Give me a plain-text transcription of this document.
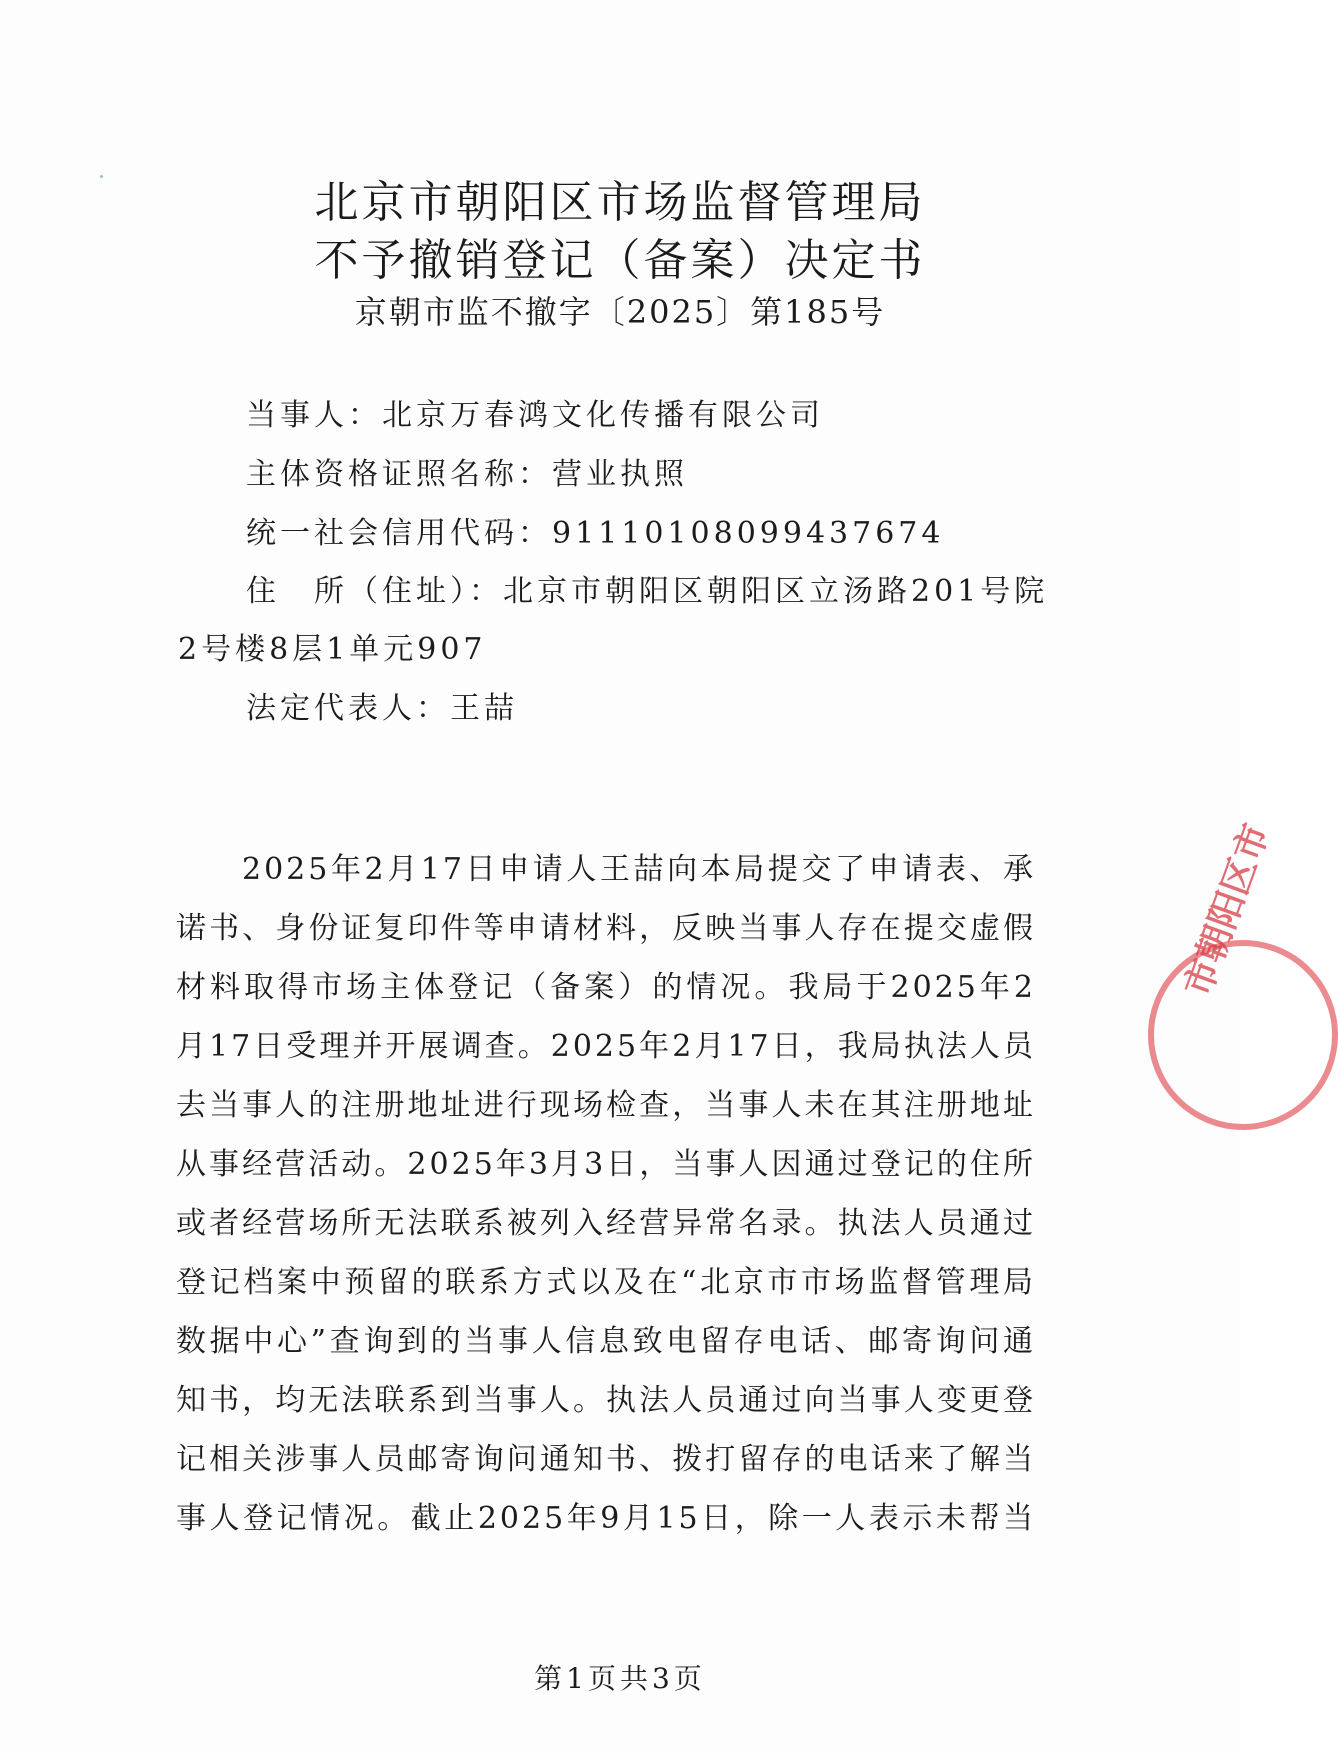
北京市朝阳区市场监督管理局
不予撤销登记（备案）决定书
京朝市监不撤字〔2025〕第185号
当事人：北京万春鸿文化传播有限公司
主体资格证照名称：营业执照
统一社会信用代码：91110108099437674
住　所（住址）：北京市朝阳区朝阳区立汤路201号院
2号楼8层1单元907
法定代表人：王喆
2025年2月17日申请人王喆向本局提交了申请表、承
诺书、身份证复印件等申请材料，反映当事人存在提交虚假
材料取得市场主体登记（备案）的情况。我局于2025年2
月17日受理并开展调查。2025年2月17日，我局执法人员
去当事人的注册地址进行现场检查，当事人未在其注册地址
从事经营活动。2025年3月3日，当事人因通过登记的住所
或者经营场所无法联系被列入经营异常名录。执法人员通过
登记档案中预留的联系方式以及在“北京市市场监督管理局
数据中心”查询到的当事人信息致电留存电话、邮寄询问通
知书，均无法联系到当事人。执法人员通过向当事人变更登
记相关涉事人员邮寄询问通知书、拨打留存的电话来了解当
事人登记情况。截止2025年9月15日，除一人表示未帮当
市朝阳区市
第1页共3页
